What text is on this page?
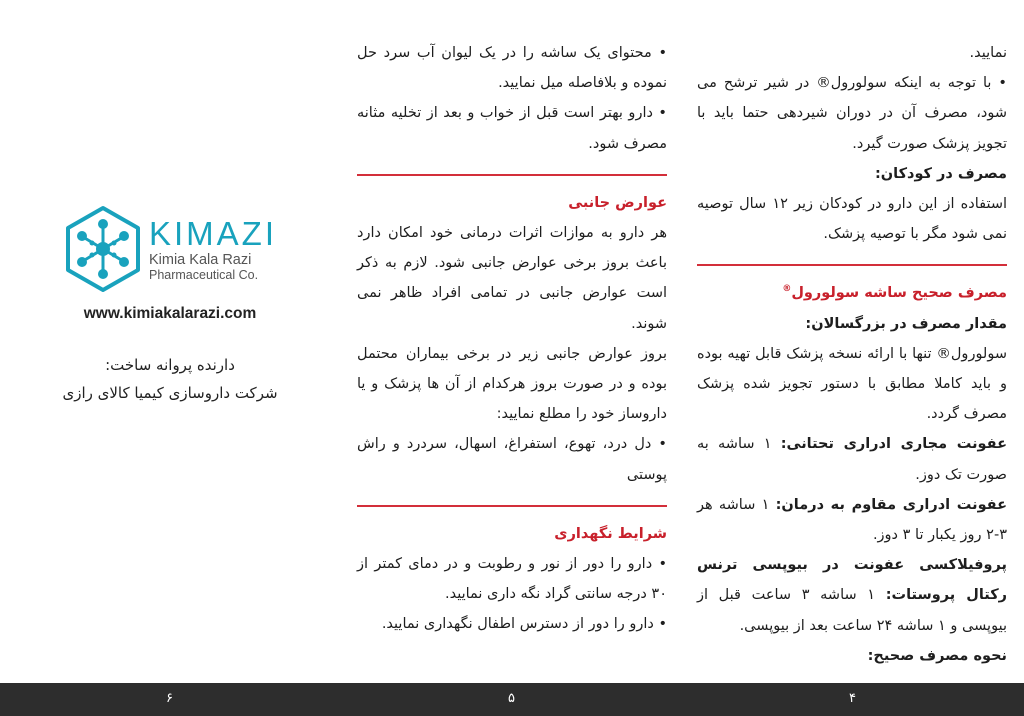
نمایید.

• با توجه به اینکه سولورول® در شیر ترشح می شود، مصرف آن در دوران شیردهی حتما باید با تجویز پزشک صورت گیرد.

مصرف در کودکان:

استفاده از این دارو در کودکان زیر ۱۲ سال توصیه نمی شود مگر با توصیه پزشک.

مصرف صحیح ساشه سولورول®

مقدار مصرف در بزرگسالان:

سولورول® تنها با ارائه نسخه پزشک قابل تهیه بوده و باید کاملا مطابق با دستور تجویز شده پزشک مصرف گردد.

عفونت مجاری ادراری تحتانی: ۱ ساشه به صورت تک دوز.

عفونت ادراری مقاوم به درمان: ۱ ساشه هر ۳-۲ روز یکبار تا ۳ دوز.

پروفیلاکسی عفونت در بیوپسی ترنس رکتال پروستات: ۱ ساشه ۳ ساعت قبل از بیوپسی و ۱ ساشه ۲۴ ساعت بعد از بیوپسی.

نحوه مصرف صحیح:

• محتوای یک ساشه را در یک لیوان آب سرد حل نموده و بلافاصله میل نمایید.

• دارو بهتر است قبل از خواب و بعد از تخلیه مثانه مصرف شود.

عوارض جانبی

هر دارو به موازات اثرات درمانی خود امکان دارد باعث بروز برخی عوارض جانبی شود. لازم به ذکر است عوارض جانبی در تمامی افراد ظاهر نمی شوند.

بروز عوارض جانبی زیر در برخی بیماران محتمل بوده و در صورت بروز هرکدام از آن ها پزشک و یا داروساز خود را مطلع نمایید:

• دل درد، تهوع، استفراغ، اسهال، سردرد و راش پوستی

شرایط نگهداری

• دارو را دور از نور و رطوبت و در دمای کمتر از ۳۰ درجه سانتی گراد نگه داری نمایید.

• دارو را دور از دسترس اطفال نگهداری نمایید.

KIMAZI
Kimia Kala Razi
Pharmaceutical Co.
www.kimiakalarazi.com
دارنده پروانه ساخت:
شرکت داروسازی کیمیا کالای رازی
۶	۵	۴
